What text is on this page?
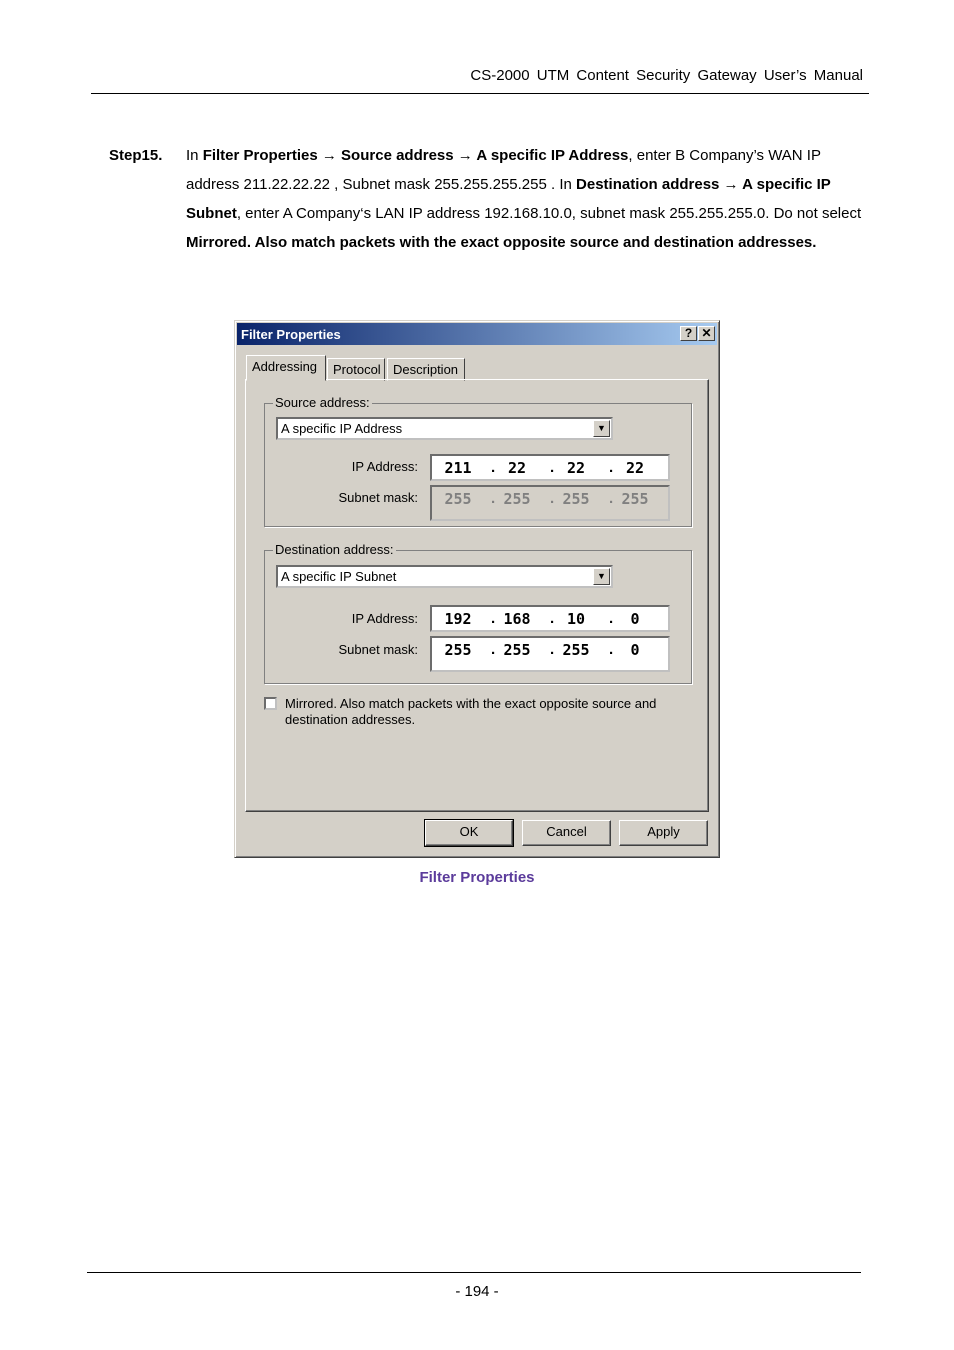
CS-2000 UTM Content Security Gateway User’s Manual
Step15. In Filter Properties → Source address → A specific IP Address, enter B Company’s WAN IP address 211.22.22.22 , Subnet mask 255.255.255.255 . In Destination address → A specific IP Subnet, enter A Company‘s LAN IP address 192.168.10.0, subnet mask 255.255.255.0. Do not select Mirrored. Also match packets with the exact opposite source and destination addresses.
Filter Properties	? ✕
Addressing	Protocol Description
Source address:
A specific IP Address	▼
IP Address: 211 . 22	. 22	. 22
Subnet mask: 255 . 255 . 255 . 255
Destination address:
A specific IP Subnet	▼
IP Address: 192 . 168 . 10	.	0
Subnet mask: 255 . 255 . 255 .	0
Mirrored. Also match packets with the exact opposite source and destination addresses.
OK	Cancel	Apply
Filter Properties
- 194 -
